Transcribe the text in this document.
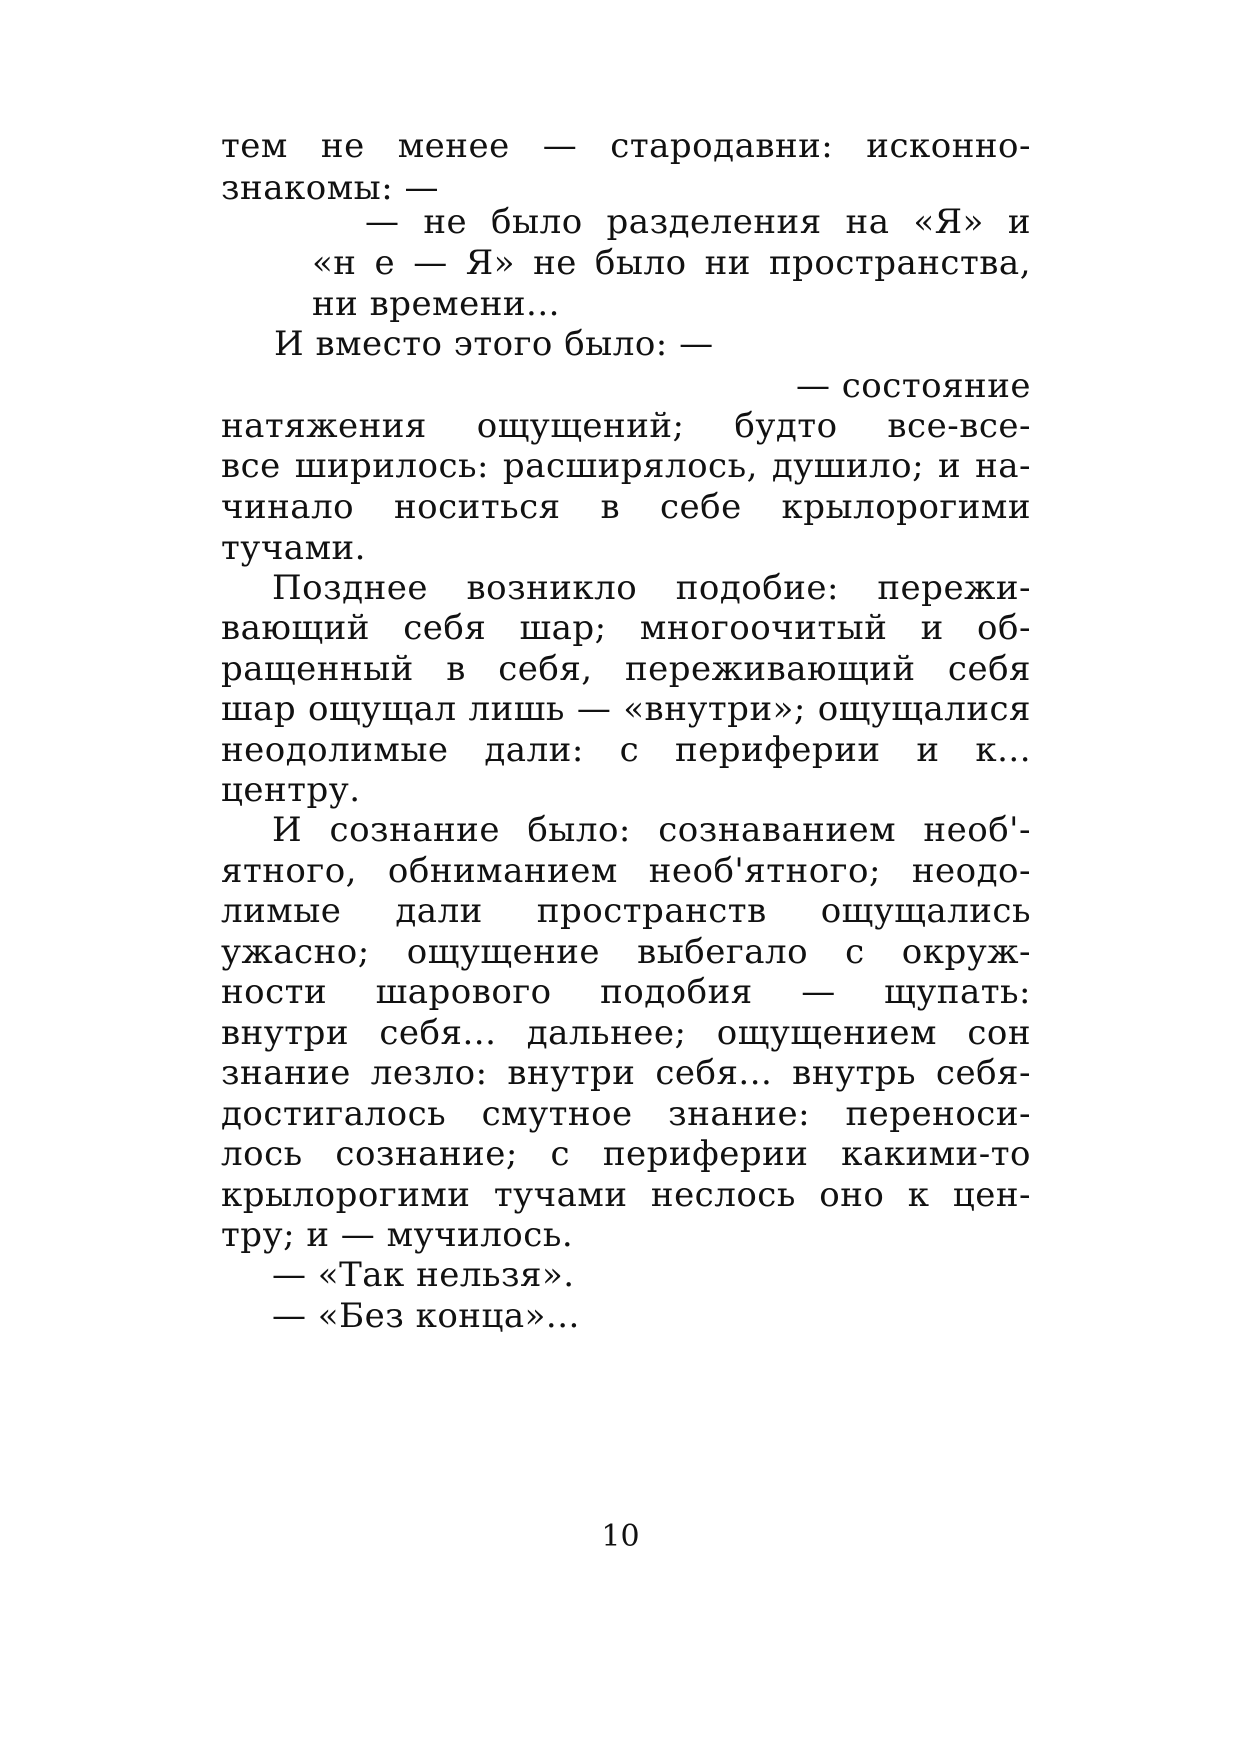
тем не менее — стародавни: исконно-
знакомы: —
— не было разделения на «Я» и
«н е — Я» не было ни пространства,
ни времени...
И вместо этого было: —
— состояние
натяжения ощущений; будто все-все-
все ширилось: расширялось, душило; и на-
чинало носиться в себе крылорогими
тучами.
Позднее возникло подобие: пережи-
вающий себя шар; многоочитый и об-
ращенный в себя, переживающий себя
шар ощущал лишь — «внутри»; ощущалися
неодолимые дали: с периферии и к...
центру.
И сознание было: сознаванием необ'-
ятного, обниманием необ'ятного; неодо-
лимые дали пространств ощущались
ужасно; ощущение выбегало с окруж-
ности шарового подобия — щупать:
внутри себя... дальнее; ощущением сон
знание лезло: внутри себя... внутрь себя-
достигалось смутное знание: переноси-
лось сознание; с периферии какими-то
крылорогими тучами неслось оно к цен-
тру; и — мучилось.
— «Так нельзя».
— «Без конца»...
10
